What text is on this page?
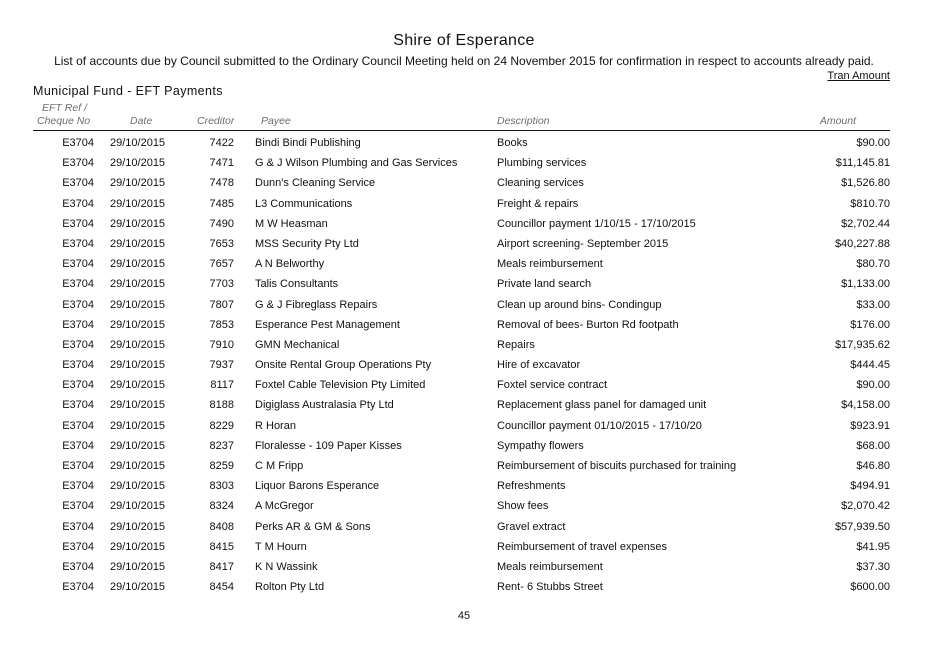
Shire of Esperance
List of accounts due by Council submitted to the Ordinary Council Meeting held on 24 November 2015 for confirmation in respect to accounts already paid.
Tran Amount
Municipal Fund - EFT Payments
EFT Ref /
Cheque No	Date	Creditor	Payee	Description	Amount
E3704 29/10/2015	7422 Bindi Bindi Publishing	Books	$90.00
E3704 29/10/2015	7471 G & J Wilson Plumbing and Gas Services	Plumbing services	$11,145.81
E3704 29/10/2015	7478 Dunn's Cleaning Service	Cleaning services	$1,526.80
E3704 29/10/2015	7485 L3 Communications	Freight & repairs	$810.70
E3704 29/10/2015	7490 M W Heasman	Councillor payment 1/10/15 - 17/10/2015	$2,702.44
E3704 29/10/2015	7653 MSS Security Pty Ltd	Airport screening- September 2015	$40,227.88
E3704 29/10/2015	7657 A N Belworthy	Meals reimbursement	$80.70
E3704 29/10/2015	7703 Talis Consultants	Private land search	$1,133.00
E3704 29/10/2015	7807 G & J Fibreglass Repairs	Clean up around bins- Condingup	$33.00
E3704 29/10/2015	7853 Esperance Pest Management	Removal of bees- Burton Rd footpath	$176.00
E3704 29/10/2015	7910 GMN Mechanical	Repairs	$17,935.62
E3704 29/10/2015	7937 Onsite Rental Group Operations Pty	Hire of excavator	$444.45
E3704 29/10/2015	8117 Foxtel Cable Television Pty Limited	Foxtel service contract	$90.00
E3704 29/10/2015	8188 Digiglass Australasia Pty Ltd	Replacement glass panel for damaged unit	$4,158.00
E3704 29/10/2015	8229 R Horan	Councillor payment 01/10/2015 - 17/10/20	$923.91
E3704 29/10/2015	8237 Floralesse - 109 Paper Kisses	Sympathy flowers	$68.00
E3704 29/10/2015	8259 C M Fripp	Reimbursement of biscuits purchased for training	$46.80
E3704 29/10/2015	8303 Liquor Barons Esperance	Refreshments	$494.91
E3704 29/10/2015	8324 A McGregor	Show fees	$2,070.42
E3704 29/10/2015	8408 Perks AR & GM & Sons	Gravel extract	$57,939.50
E3704 29/10/2015	8415 T M Hourn	Reimbursement of travel expenses	$41.95
E3704 29/10/2015	8417 K N Wassink	Meals reimbursement	$37.30
E3704 29/10/2015	8454 Rolton Pty Ltd	Rent- 6 Stubbs Street	$600.00
45
